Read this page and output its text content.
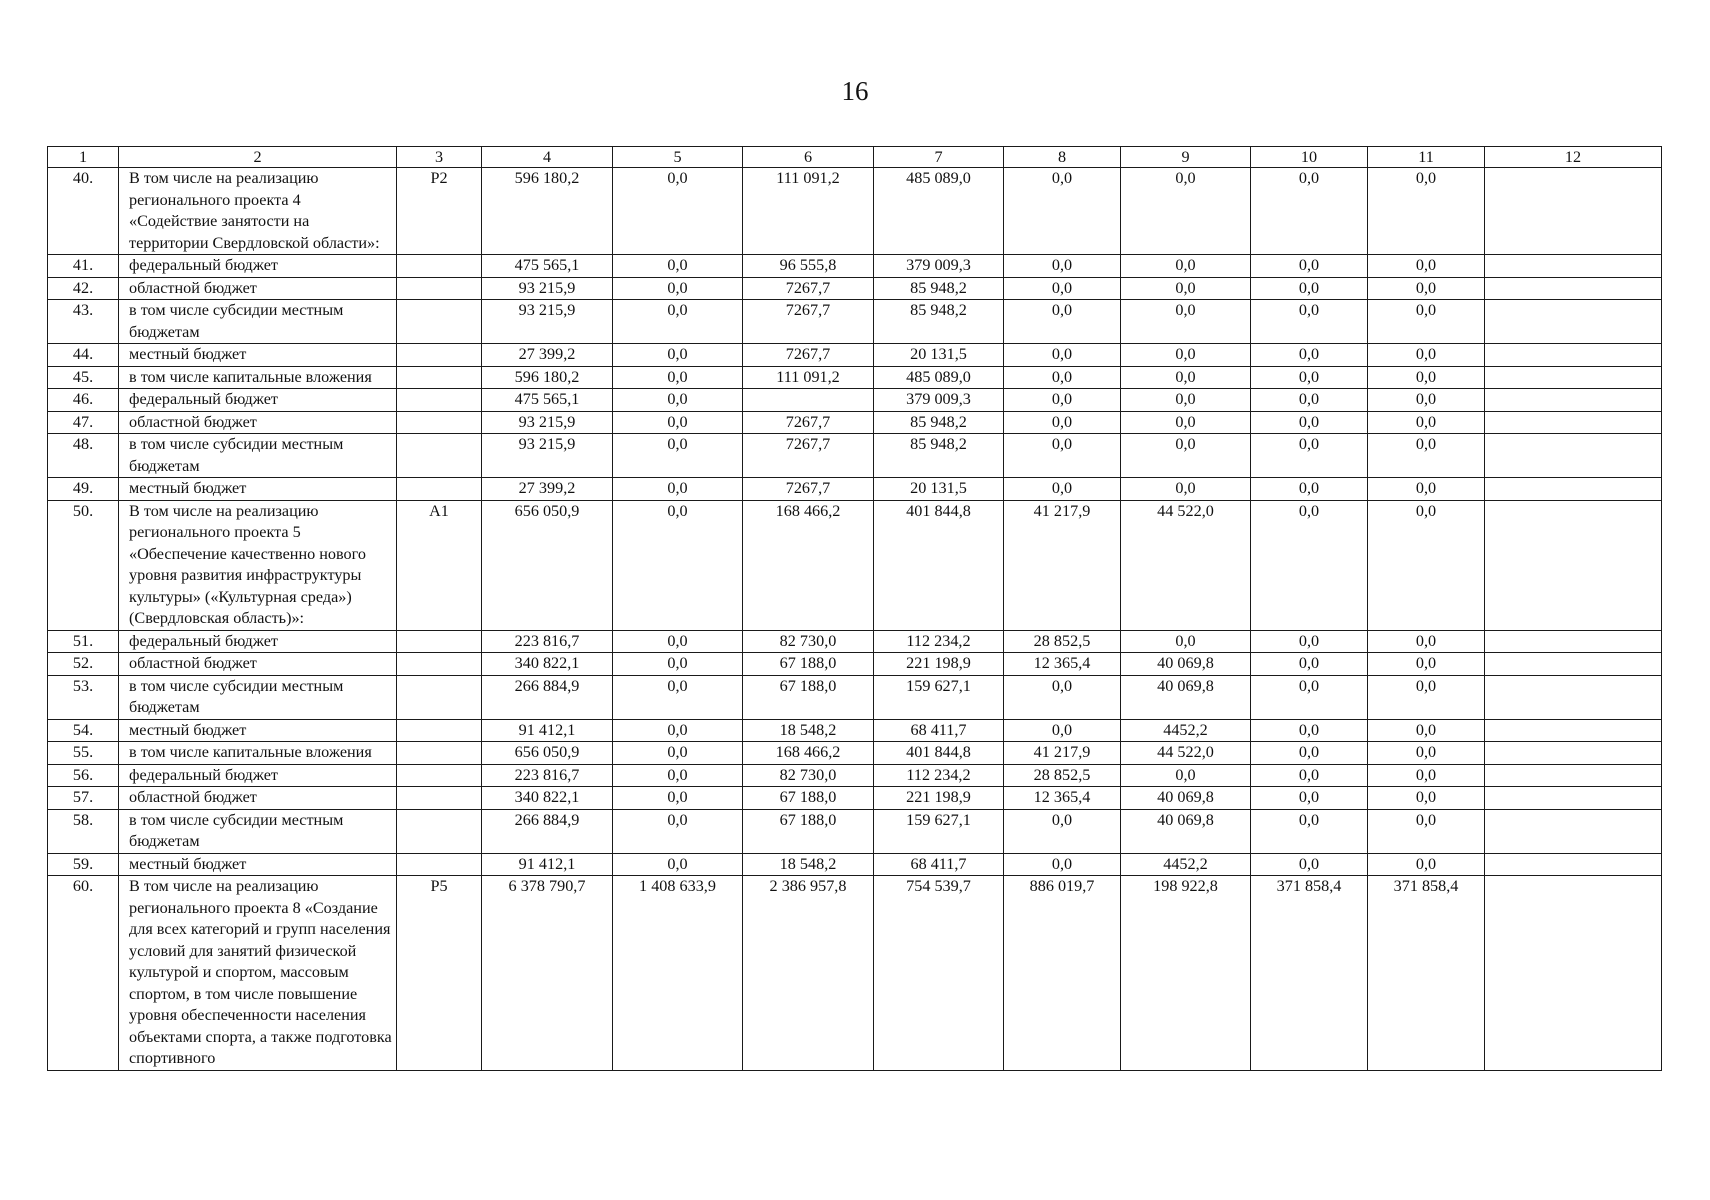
16
1	2	3	4	5	6	7	8	9	10	11	12
40.	В том числе на реализацию регионального проекта 4 «Содействие занятости на территории Свердловской области»:	P2	596 180,2	0,0	111 091,2	485 089,0	0,0	0,0	0,0	0,0	
41.	федеральный бюджет		475 565,1	0,0	96 555,8	379 009,3	0,0	0,0	0,0	0,0	
42.	областной бюджет		93 215,9	0,0	7267,7	85 948,2	0,0	0,0	0,0	0,0	
43.	в том числе субсидии местным бюджетам		93 215,9	0,0	7267,7	85 948,2	0,0	0,0	0,0	0,0	
44.	местный бюджет		27 399,2	0,0	7267,7	20 131,5	0,0	0,0	0,0	0,0	
45.	в том числе капитальные вложения		596 180,2	0,0	111 091,2	485 089,0	0,0	0,0	0,0	0,0	
46.	федеральный бюджет		475 565,1	0,0		379 009,3	0,0	0,0	0,0	0,0	
47.	областной бюджет		93 215,9	0,0	7267,7	85 948,2	0,0	0,0	0,0	0,0	
48.	в том числе субсидии местным бюджетам		93 215,9	0,0	7267,7	85 948,2	0,0	0,0	0,0	0,0	
49.	местный бюджет		27 399,2	0,0	7267,7	20 131,5	0,0	0,0	0,0	0,0	
50.	В том числе на реализацию регионального проекта 5 «Обеспечение качественно нового уровня развития инфраструктуры культуры» («Культурная среда») (Свердловская область)»:	A1	656 050,9	0,0	168 466,2	401 844,8	41 217,9	44 522,0	0,0	0,0	
51.	федеральный бюджет		223 816,7	0,0	82 730,0	112 234,2	28 852,5	0,0	0,0	0,0	
52.	областной бюджет		340 822,1	0,0	67 188,0	221 198,9	12 365,4	40 069,8	0,0	0,0	
53.	в том числе субсидии местным бюджетам		266 884,9	0,0	67 188,0	159 627,1	0,0	40 069,8	0,0	0,0	
54.	местный бюджет		91 412,1	0,0	18 548,2	68 411,7	0,0	4452,2	0,0	0,0	
55.	в том числе капитальные вложения		656 050,9	0,0	168 466,2	401 844,8	41 217,9	44 522,0	0,0	0,0	
56.	федеральный бюджет		223 816,7	0,0	82 730,0	112 234,2	28 852,5	0,0	0,0	0,0	
57.	областной бюджет		340 822,1	0,0	67 188,0	221 198,9	12 365,4	40 069,8	0,0	0,0	
58.	в том числе субсидии местным бюджетам		266 884,9	0,0	67 188,0	159 627,1	0,0	40 069,8	0,0	0,0	
59.	местный бюджет		91 412,1	0,0	18 548,2	68 411,7	0,0	4452,2	0,0	0,0	
60.	В том числе на реализацию регионального проекта 8 «Создание для всех категорий и групп населения условий для занятий физической культурой и спортом, массовым спортом, в том числе повышение уровня обеспеченности населения объектами спорта, а также подготовка спортивного	P5	6 378 790,7	1 408 633,9	2 386 957,8	754 539,7	886 019,7	198 922,8	371 858,4	371 858,4	
